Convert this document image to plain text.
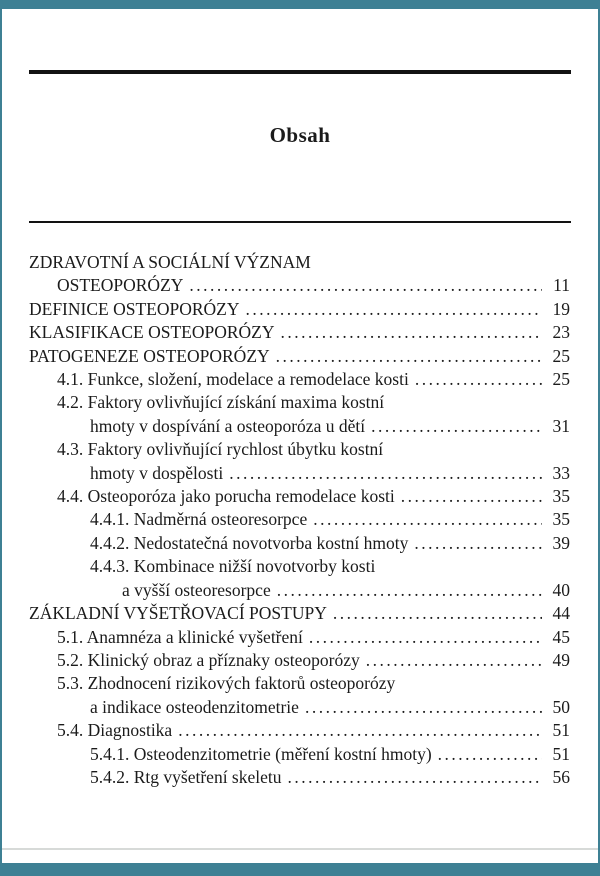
Obsah
ZDRAVOTNÍ A SOCIÁLNÍ VÝZNAM
OSTEOPORÓZY .....	11
DEFINICE OSTEOPORÓZY .....	19
KLASIFIKACE OSTEOPORÓZY .....	23
PATOGENEZE OSTEOPORÓZY .....	25
4.1. Funkce, složení, modelace a remodelace kosti .....	25
4.2. Faktory ovlivňující získání maxima kostní
hmoty v dospívání a osteoporóza u dětí .....	31
4.3. Faktory ovlivňující rychlost úbytku kostní
hmoty v dospělosti .....	33
4.4. Osteoporóza jako porucha remodelace kosti .....	35
4.4.1. Nadměrná osteoresorpce .....	35
4.4.2. Nedostatečná novotvorba kostní hmoty .....	39
4.4.3. Kombinace nižší novotvorby kosti
a vyšší osteoresorpce .....	40
ZÁKLADNÍ VYŠETŘOVACÍ POSTUPY .....	44
5.1. Anamnéza a klinické vyšetření .....	45
5.2. Klinický obraz a příznaky osteoporózy .....	49
5.3. Zhodnocení rizikových faktorů osteoporózy
a indikace osteodenzitometrie .....	50
5.4. Diagnostika .....	51
5.4.1. Osteodenzitometrie (měření kostní hmoty) .....	51
5.4.2. Rtg vyšetření skeletu .....	56
